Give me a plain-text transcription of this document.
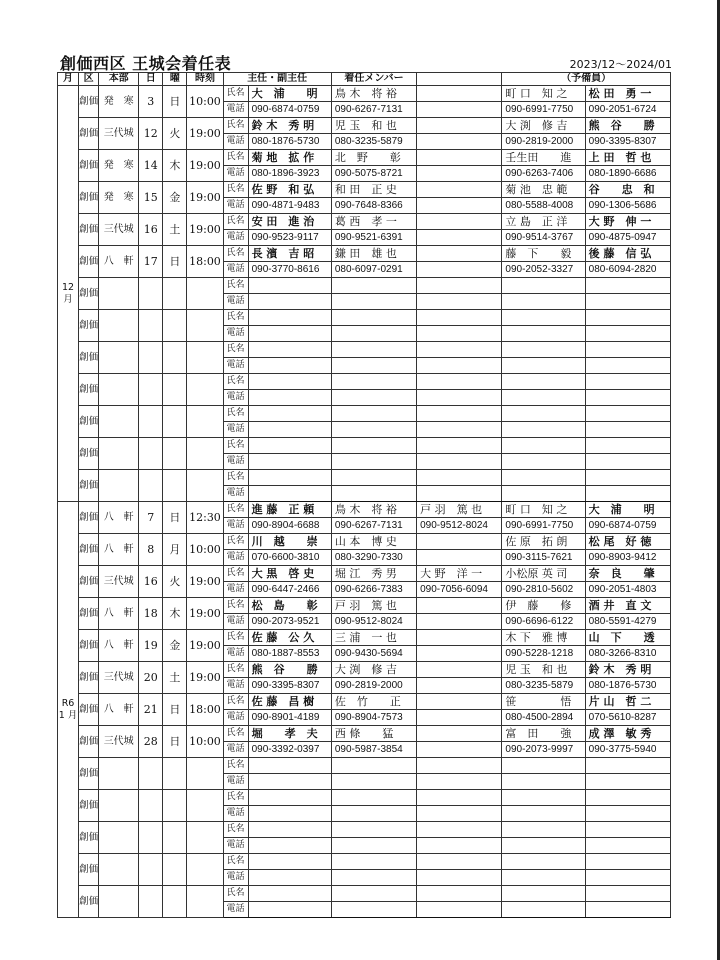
創価西区 王城会着任表	2023/12〜2024/01
月	区	本部	日	曜	時刻	主任・副主任		着任メンバー		（予備員）	
12月	創価	発　寒	3	日	10:00	氏名	大　浦　　明	鳥 木　将 裕		町 口　知 之	松 田　勇 一
						電話	090-6874-0759	090-6267-7131		090-6991-7750	090-2051-6724
	創価	三代城	12	火	19:00	氏名	鈴 木　秀 明	児 玉　和 也		大 渕　修 吉	熊　谷　　勝
						電話	080-1876-5730	080-3235-5879		090-2819-2000	090-3395-8307
	創価	発　寒	14	木	19:00	氏名	菊 地　拡 作	北　野　　彰		壬生田　　進	上 田　哲 也
						電話	080-1896-3923	090-5075-8721		090-6263-7406	080-1890-6686
	創価	発　寒	15	金	19:00	氏名	佐 野　和 弘	和 田　正 史		菊 池　忠 範	谷　　忠　和
						電話	090-4871-9483	090-7648-8366		080-5588-4008	090-1306-5686
	創価	三代城	16	土	19:00	氏名	安 田　進 治	葛 西　孝 一		立 島　正 洋	大 野　伸 一
						電話	090-9523-9117	090-9521-6391		090-9514-3767	090-4875-0947
	創価	八　軒	17	日	18:00	氏名	長 濱　吉 昭	鎌 田　雄 也		藤　下　　毅	後 藤　信 弘
						電話	090-3770-8616	080-6097-0291		090-2052-3327	080-6094-2820
	創価					氏名					
						電話					
	創価					氏名					
						電話					
	創価					氏名					
						電話					
	創価					氏名					
						電話					
	創価					氏名					
						電話					
	創価					氏名					
						電話					
	創価					氏名					
						電話					
R6 1 月	創価	八　軒	7	日	12:30	氏名	進 藤　正 頼	鳥 木　将 裕	戸 羽　篤 也	町 口　知 之	大　浦　　明
						電話	090-8904-6688	090-6267-7131	090-9512-8024	090-6991-7750	090-6874-0759
	創価	八　軒	8	月	10:00	氏名	川　越　　崇	山 本　博 史		佐 原　拓 朗	松 尾　好 徳
						電話	070-6600-3810	080-3290-7330		090-3115-7621	090-8903-9412
	創価	三代城	16	火	19:00	氏名	大 黒　啓 史	堀 江　秀 男	大 野　洋 一	小松原 英 司	奈　良　　肇
						電話	090-6447-2466	090-6266-7383	090-7056-6094	090-2810-5602	090-2051-4803
	創価	八　軒	18	木	19:00	氏名	松　島　　彰	戸 羽　篤 也		伊　藤　　修	酒 井　直 文
						電話	090-2073-9521	090-9512-8024		090-6696-6122	080-5591-4279
	創価	八　軒	19	金	19:00	氏名	佐 藤　公 久	三 浦　一 也		木 下　雅 博	山　下　　透
						電話	080-1887-8553	090-9430-5694		090-5228-1218	080-3266-8310
	創価	三代城	20	土	19:00	氏名	熊　谷　　勝	大 渕　修 吉		児 玉　和 也	鈴 木　秀 明
						電話	090-3395-8307	090-2819-2000		080-3235-5879	080-1876-5730
	創価	八　軒	21	日	18:00	氏名	佐 藤　昌 樹	佐　竹　　正		笹　　　　悟	片 山　哲 二
						電話	090-8901-4189	090-8904-7573		080-4500-2894	070-5610-8287
	創価	三代城	28	日	10:00	氏名	堀　　孝　夫	西 條　　猛		富　田　　強	成 澤　敏 秀
						電話	090-3392-0397	090-5987-3854		090-2073-9997	090-3775-5940
	創価					氏名					
						電話					
	創価					氏名					
						電話					
	創価					氏名					
						電話					
	創価					氏名					
						電話					
	創価					氏名					
						電話					
